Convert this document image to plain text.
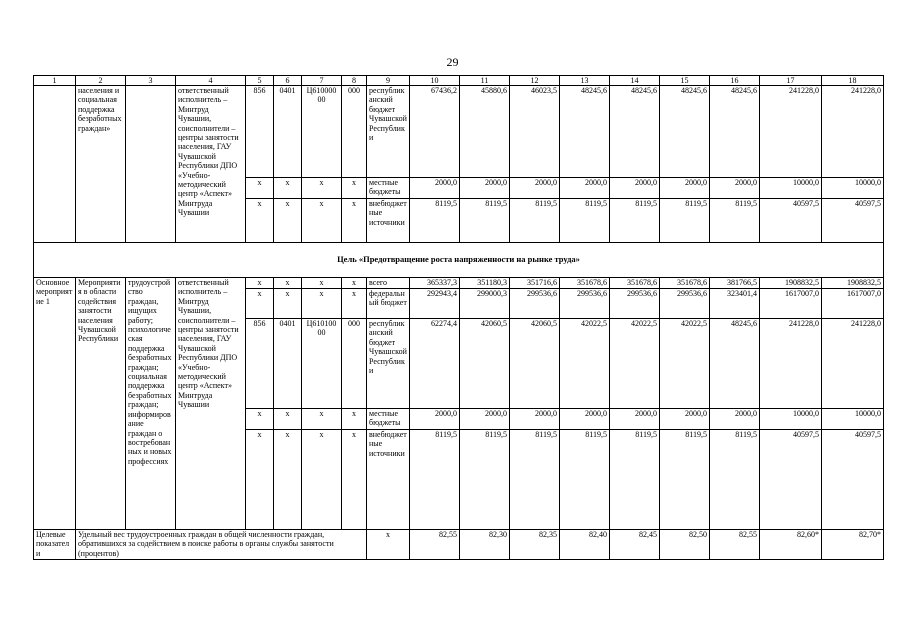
29
1	2	3	4	5	6	7	8	9	10	11	12	13	14	15	16	17	18
	населения и социальная поддержка безработных граждан»		ответственный исполнитель – Минтруд Чувашии, соисполнители – центры занятости населения, ГАУ Чувашской Республики ДПО «Учебно-методический центр «Аспект» Минтруда Чувашии	856	0401	Ц610000 00	000	республиканский бюджет Чувашской Республики	67436,2	45880,6	46023,5	48245,6	48245,6	48245,6	48245,6	241228,0	241228,0
				x	x	x	x	местные бюджеты	2000,0	2000,0	2000,0	2000,0	2000,0	2000,0	2000,0	10000,0	10000,0
				x	x	x	x	внебюджетные источники	8119,5	8119,5	8119,5	8119,5	8119,5	8119,5	8119,5	40597,5	40597,5
Цель «Предотвращение роста напряженности на рынке труда»																	
Основное мероприятие 1	Мероприятия в области содействия занятости населения Чувашской Республики	трудоустройство граждан, ищущих работу; психологическая поддержка безработных граждан; социальная поддержка безработных граждан; информирование граждан о востребованных и новых профессиях	ответственный исполнитель – Минтруд Чувашии, соисполнители – центры занятости населения, ГАУ Чувашской Республики ДПО «Учебно-методический центр «Аспект» Минтруда Чувашии	x	x	x	x	всего	365337,3	351180,3	351716,6	351678,6	351678,6	351678,6	381766,5	1908832,5	1908832,5
				x	x	x	x	федеральный бюджет	292943,4	299000,3	299536,6	299536,6	299536,6	299536,6	323401,4	1617007,0	1617007,0
				856	0401	Ц610100 00	000	республиканский бюджет Чувашской Республики	62274,4	42060,5	42060,5	42022,5	42022,5	42022,5	48245,6	241228,0	241228,0
				x	x	x	x	местные бюджеты	2000,0	2000,0	2000,0	2000,0	2000,0	2000,0	2000,0	10000,0	10000,0
				x	x	x	x	внебюджетные источники	8119,5	8119,5	8119,5	8119,5	8119,5	8119,5	8119,5	40597,5	40597,5
Целевые показатели	Удельный вес трудоустроенных граждан в общей численности граждан, обратившихся за содействием в поиске работы в органы службы занятости (процентов)							x	82,55	82,30	82,35	82,40	82,45	82,50	82,55	82,60*	82,70*
